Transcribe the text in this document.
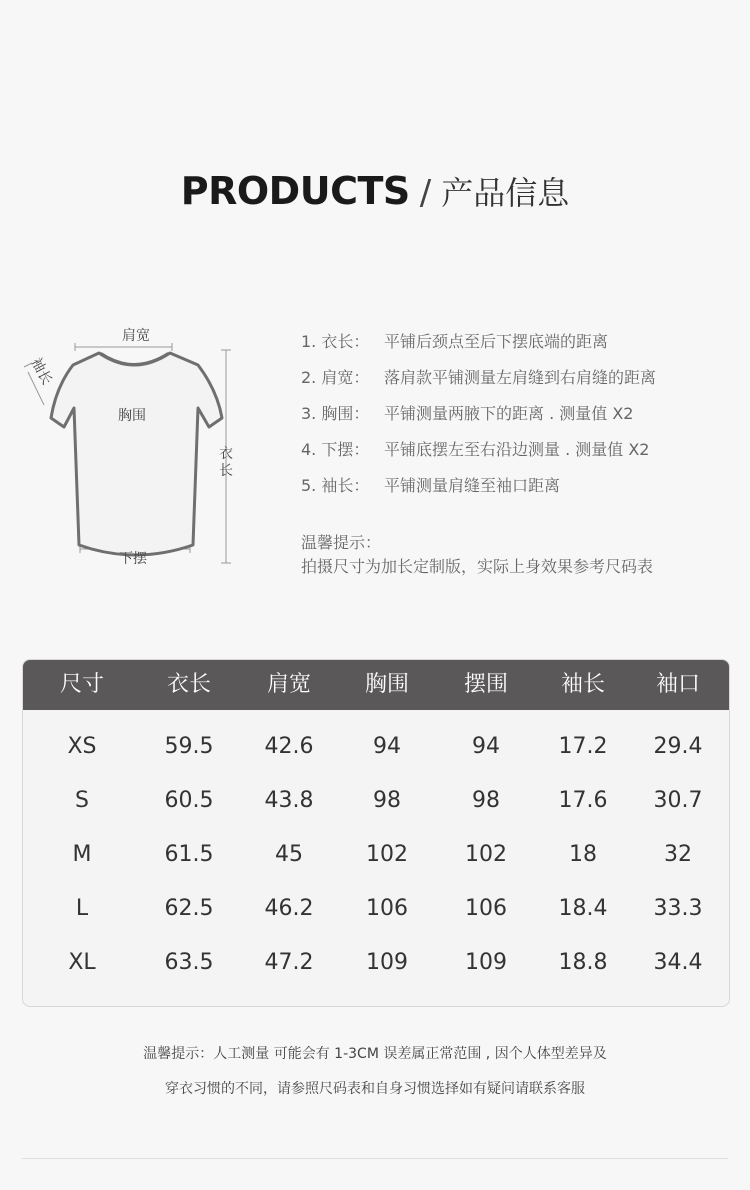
PRODUCTS / 产品信息
肩宽
袖长
胸围
衣
长
下摆
1. 衣长： 平铺后颈点至后下摆底端的距离
2. 肩宽： 落肩款平铺测量左肩缝到右肩缝的距离
3. 胸围： 平铺测量两腋下的距离 . 测量值 X2
4. 下摆： 平铺底摆左至右沿边测量 . 测量值 X2
5. 袖长： 平铺测量肩缝至袖口距离
温馨提示：
拍摄尺寸为加长定制版，实际上身效果参考尺码表
尺寸	衣长	肩宽	胸围	摆围	袖长	袖口
XS	59.5	42.6	94	94	17.2	29.4
S	60.5	43.8	98	98	17.6	30.7
M	61.5	45	102	102	18	32
L	62.5	46.2	106	106	18.4	33.3
XL	63.5	47.2	109	109	18.8	34.4
温馨提示：人工测量 可能会有 1-3CM 误差属正常范围 , 因个人体型差异及
穿衣习惯的不同，请参照尺码表和自身习惯选择如有疑问请联系客服
